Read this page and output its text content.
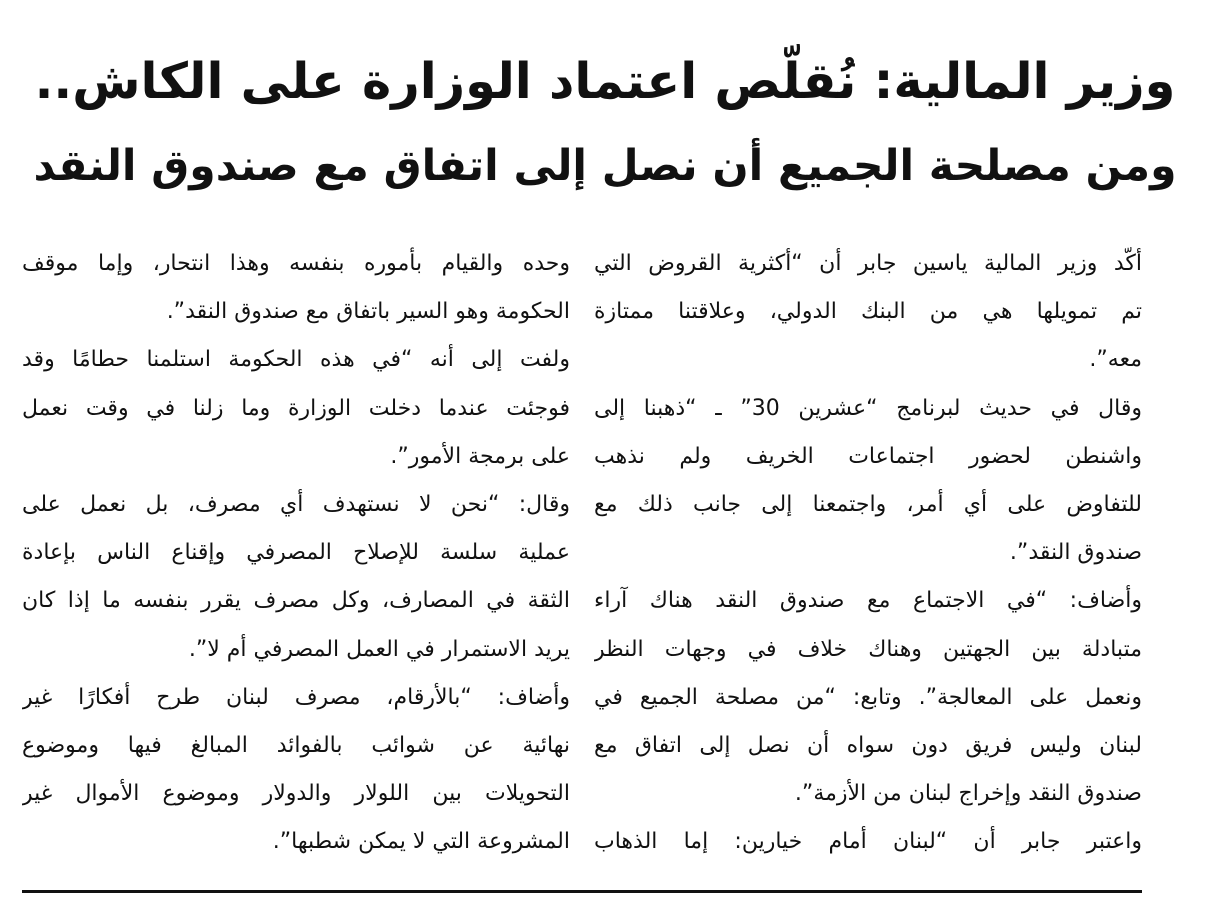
وزير المالية: نُقلّص اعتماد الوزارة على الكاش..
ومن مصلحة الجميع أن نصل إلى اتفاق مع صندوق النقد
أكّد وزير المالية ياسين جابر أن “أكثرية القروض التي
تم تمويلها هي من البنك الدولي، وعلاقتنا ممتازة
معه”.
وقال في حديث لبرنامج “عشرين 30” ـ “ذهبنا إلى
واشنطن لحضور اجتماعات الخريف ولم نذهب
للتفاوض على أي أمر، واجتمعنا إلى جانب ذلك مع
صندوق النقد”.
وأضاف: “في الاجتماع مع صندوق النقد هناك آراء
متبادلة بين الجهتين وهناك خلاف في وجهات النظر
ونعمل على المعالجة”. وتابع: “من مصلحة الجميع في
لبنان وليس فريق دون سواه أن نصل إلى اتفاق مع
صندوق النقد وإخراج لبنان من الأزمة”.
واعتبر جابر أن “لبنان أمام خيارين: إما الذهاب
وحده والقيام بأموره بنفسه وهذا انتحار، وإما موقف
الحكومة وهو السير باتفاق مع صندوق النقد”.
ولفت إلى أنه “في هذه الحكومة استلمنا حطامًا وقد
فوجئت عندما دخلت الوزارة وما زلنا في وقت نعمل
على برمجة الأمور”.
وقال: “نحن لا نستهدف أي مصرف، بل نعمل على
عملية سلسة للإصلاح المصرفي وإقناع الناس بإعادة
الثقة في المصارف، وكل مصرف يقرر بنفسه ما إذا كان
يريد الاستمرار في العمل المصرفي أم لا”.
وأضاف: “بالأرقام، مصرف لبنان طرح أفكارًا غير
نهائية عن شوائب بالفوائد المبالغ فيها وموضوع
التحويلات بين اللولار والدولار وموضوع الأموال غير
المشروعة التي لا يمكن شطبها”.
